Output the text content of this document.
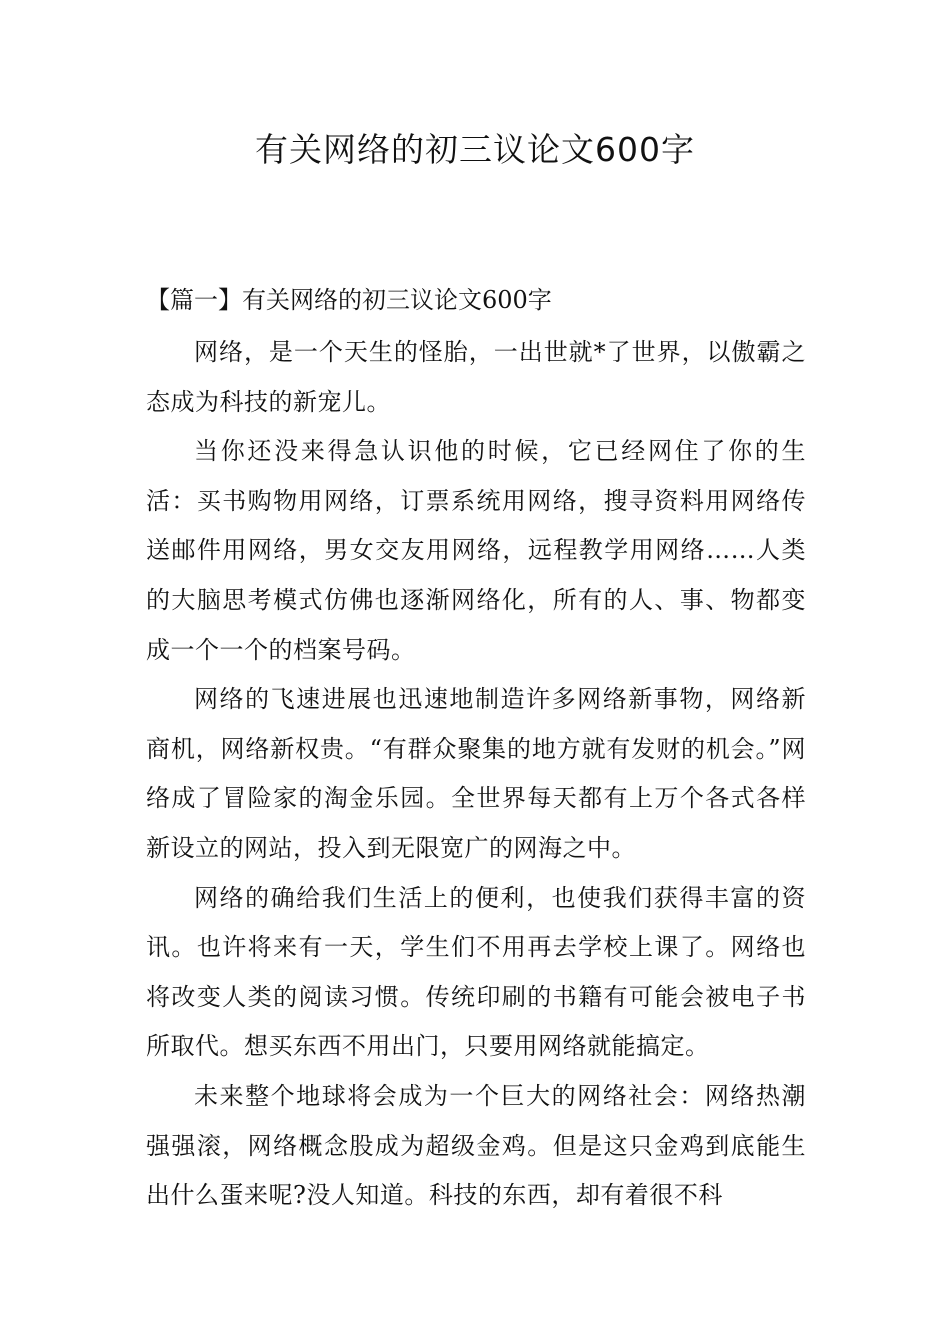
有关网络的初三议论文600字
【篇一】有关网络的初三议论文600字

网络，是一个天生的怪胎，一出世就*了世界，以傲霸之态成为科技的新宠儿。

当你还没来得急认识他的时候，它已经网住了你的生活：买书购物用网络，订票系统用网络，搜寻资料用网络传送邮件用网络，男女交友用网络，远程教学用网络……人类的大脑思考模式仿佛也逐渐网络化，所有的人、事、物都变成一个一个的档案号码。

网络的飞速进展也迅速地制造许多网络新事物，网络新商机，网络新权贵。“有群众聚集的地方就有发财的机会。”网络成了冒险家的淘金乐园。全世界每天都有上万个各式各样新设立的网站，投入到无限宽广的网海之中。

网络的确给我们生活上的便利，也使我们获得丰富的资讯。也许将来有一天，学生们不用再去学校上课了。网络也将改变人类的阅读习惯。传统印刷的书籍有可能会被电子书所取代。想买东西不用出门，只要用网络就能搞定。

未来整个地球将会成为一个巨大的网络社会：网络热潮强强滚，网络概念股成为超级金鸡。但是这只金鸡到底能生出什么蛋来呢?没人知道。科技的东西，却有着很不科
